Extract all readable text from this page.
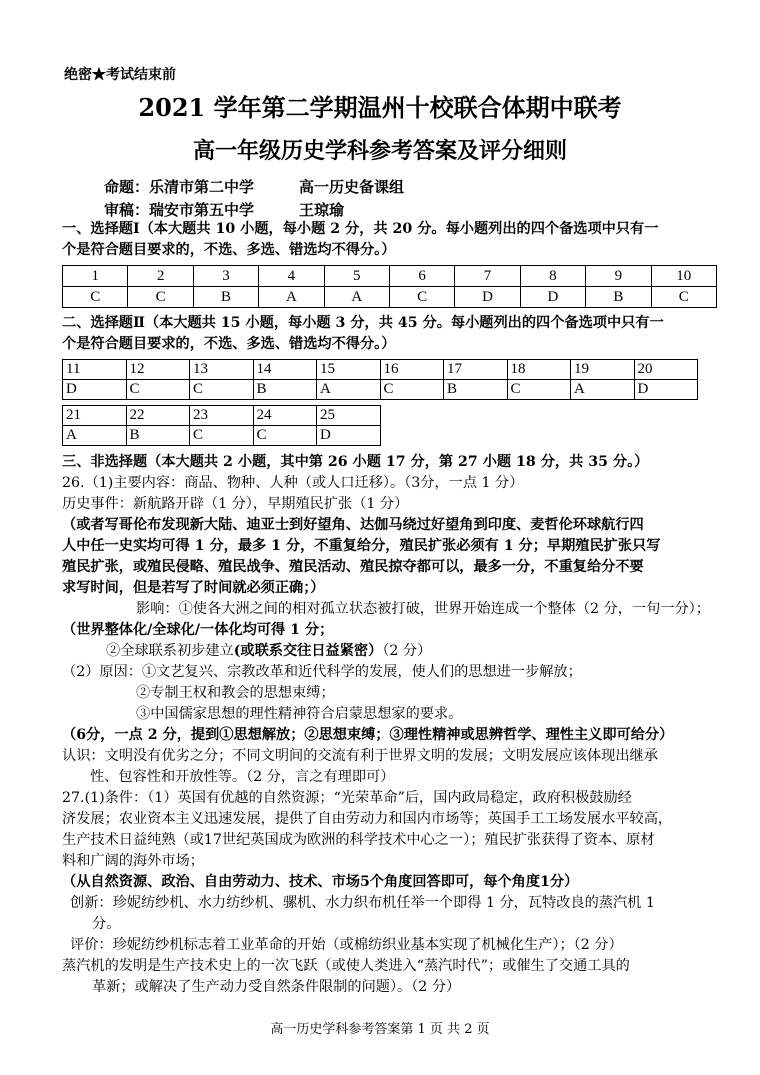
绝密★考试结束前
2021 学年第二学期温州十校联合体期中联考
高一年级历史学科参考答案及评分细则
命题：乐清市第二中学	高一历史备课组
审稿：瑞安市第五中学	王琼瑜
一、选择题Ⅰ（本大题共 10 小题，每小题 2 分，共 20 分。每小题列出的四个备选项中只有一
个是符合题目要求的，不选、多选、错选均不得分。）
1	2	3	4	5	6	7	8	9	10
C	C	B	A	A	C	D	D	B	C
二、选择题Ⅱ（本大题共 15 小题，每小题 3 分，共 45 分。每小题列出的四个备选项中只有一
个是符合题目要求的，不选、多选、错选均不得分。）
11	12	13	14	15	16	17	18	19	20
D	C	C	B	A	C	B	C	A	D
21	22	23	24	25
A	B	C	C	D
三、非选择题（本大题共 2 小题，其中第 26 小题 17 分，第 27 小题 18 分，共 35 分。）
26.（1)主要内容：商品、物种、人种（或人口迁移）。（3分，一点 1 分）
历史事件：新航路开辟（1 分），早期殖民扩张（1 分）
（或者写哥伦布发现新大陆、迪亚士到好望角、达伽马绕过好望角到印度、麦哲伦环球航行四
人中任一史实均可得 1 分，最多 1 分，不重复给分，殖民扩张必须有 1 分；早期殖民扩张只写
殖民扩张，或殖民侵略、殖民战争、殖民活动、殖民掠夺都可以，最多一分，不重复给分不要
求写时间，但是若写了时间就必须正确；）
影响：①使各大洲之间的相对孤立状态被打破，世界开始连成一个整体（2 分，一句一分）；
（世界整体化/全球化/一体化均可得 1 分；
②全球联系初步建立(或联系交往日益紧密）（2 分）
（2）原因：①文艺复兴、宗教改革和近代科学的发展，使人们的思想进一步解放；
②专制王权和教会的思想束缚；
③中国儒家思想的理性精神符合启蒙思想家的要求。
（6分，一点 2 分，提到①思想解放；②思想束缚；③理性精神或思辨哲学、理性主义即可给分）
认识：文明没有优劣之分；不同文明间的交流有利于世界文明的发展；文明发展应该体现出继承
性、包容性和开放性等。（2 分，言之有理即可）
27.(1)条件：（1）英国有优越的自然资源；“光荣革命”后，国内政局稳定，政府积极鼓励经
济发展；农业资本主义迅速发展，提供了自由劳动力和国内市场等；英国手工工场发展水平较高，
生产技术日益纯熟（或17世纪英国成为欧洲的科学技术中心之一）；殖民扩张获得了资本、原材
料和广阔的海外市场；
（从自然资源、政治、自由劳动力、技术、市场5个角度回答即可，每个角度1分）
创新：珍妮纺纱机、水力纺纱机、骡机、水力织布机任举一个即得 1 分，瓦特改良的蒸汽机 1
分。
评价：珍妮纺纱机标志着工业革命的开始（或棉纺织业基本实现了机械化生产）；（2 分）
蒸汽机的发明是生产技术史上的一次飞跃（或使人类进入“蒸汽时代”；或催生了交通工具的
革新；或解决了生产动力受自然条件限制的问题）。（2 分）
高一历史学科参考答案第 1 页 共 2 页
